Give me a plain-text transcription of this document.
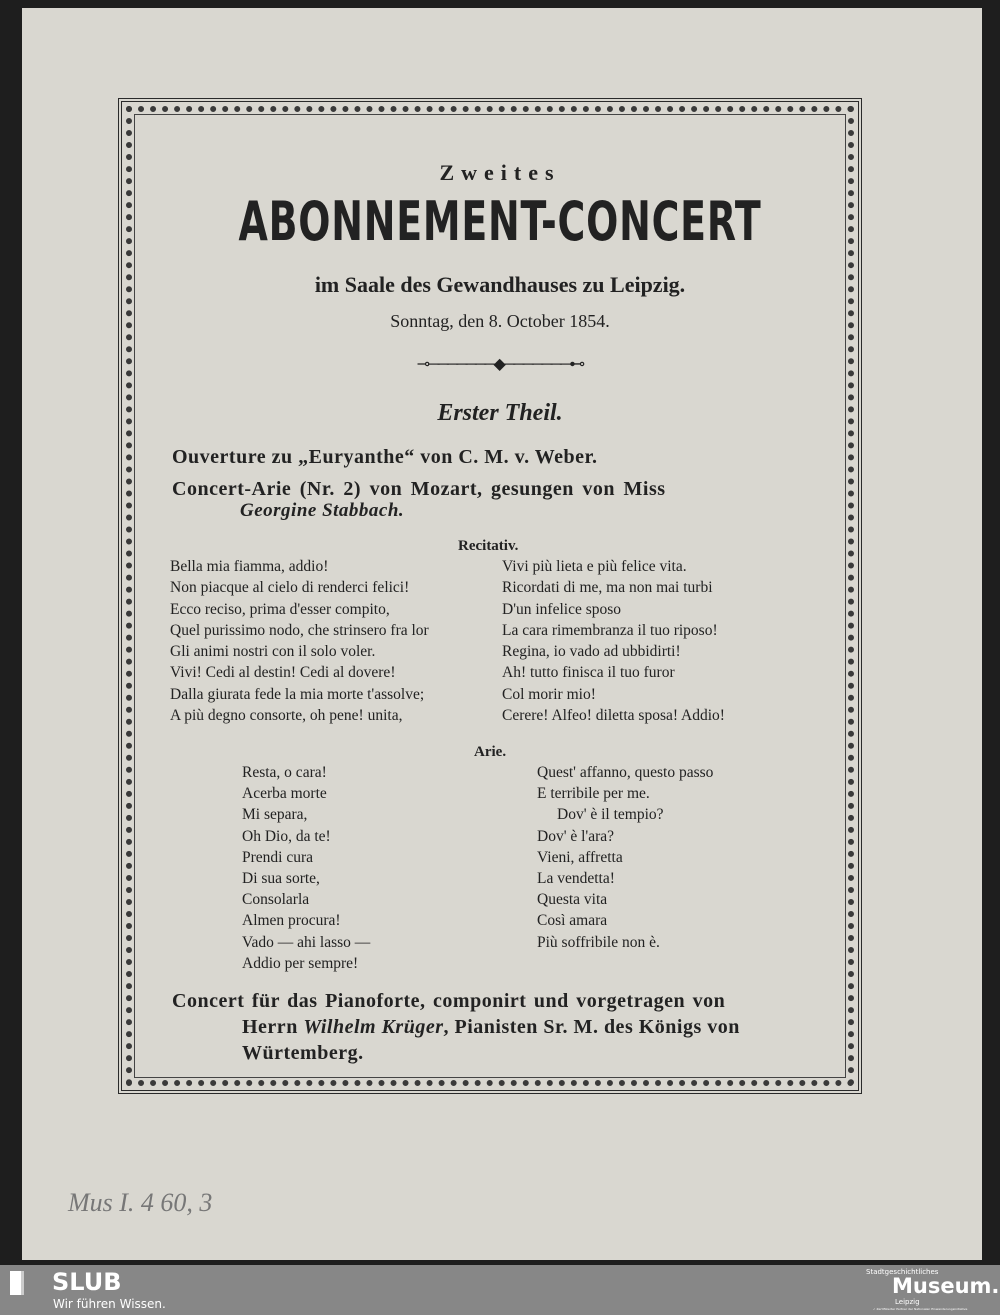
Zweites
ABONNEMENT-CONCERT
im Saale des Gewandhauses zu Leipzig.
Sonntag, den 8. October 1854.
⊸───────◆───────⊷
Erster Theil.
Ouverture zu „Euryanthe“ von C. M. v. Weber.
Concert-Arie (Nr. 2) von Mozart, gesungen von Miss
Georgine Stabbach.
Recitativ.
Bella mia fiamma, addio!
Non piacque al cielo di renderci felici!
Ecco reciso, prima d'esser compito,
Quel purissimo nodo, che strinsero fra lor
Gli animi nostri con il solo voler.
Vivi! Cedi al destin! Cedi al dovere!
Dalla giurata fede la mia morte t'assolve;
A più degno consorte, oh pene! unita,
Vivi più lieta e più felice vita.
Ricordati di me, ma non mai turbi
D'un infelice sposo
La cara rimembranza il tuo riposo!
Regina, io vado ad ubbidirti!
Ah! tutto finisca il tuo furor
Col morir mio!
Cerere! Alfeo! diletta sposa! Addio!
Arie.
Resta, o cara!
Acerba morte
Mi separa,
Oh Dio, da te!
Prendi cura
Di sua sorte,
Consolarla
Almen procura!
Vado — ahi lasso —
Addio per sempre!
Quest' affanno, questo passo
E terribile per me.
Dov' è il tempio?
Dov' è l'ara?
Vieni, affretta
La vendetta!
Questa vita
Così amara
Più soffribile non è.
Concert für das Pianoforte, componirt und vorgetragen von
Herrn Wilhelm Krüger, Pianisten Sr. M. des Königs von
Würtemberg.
Mus I. 4 60, 3
SLUB
Wir führen Wissen.
Stadtgeschichtliches
Museum.
Leipzig
✓ Zertifizierter Partner der Nationalen Einwanderungsinitiative
